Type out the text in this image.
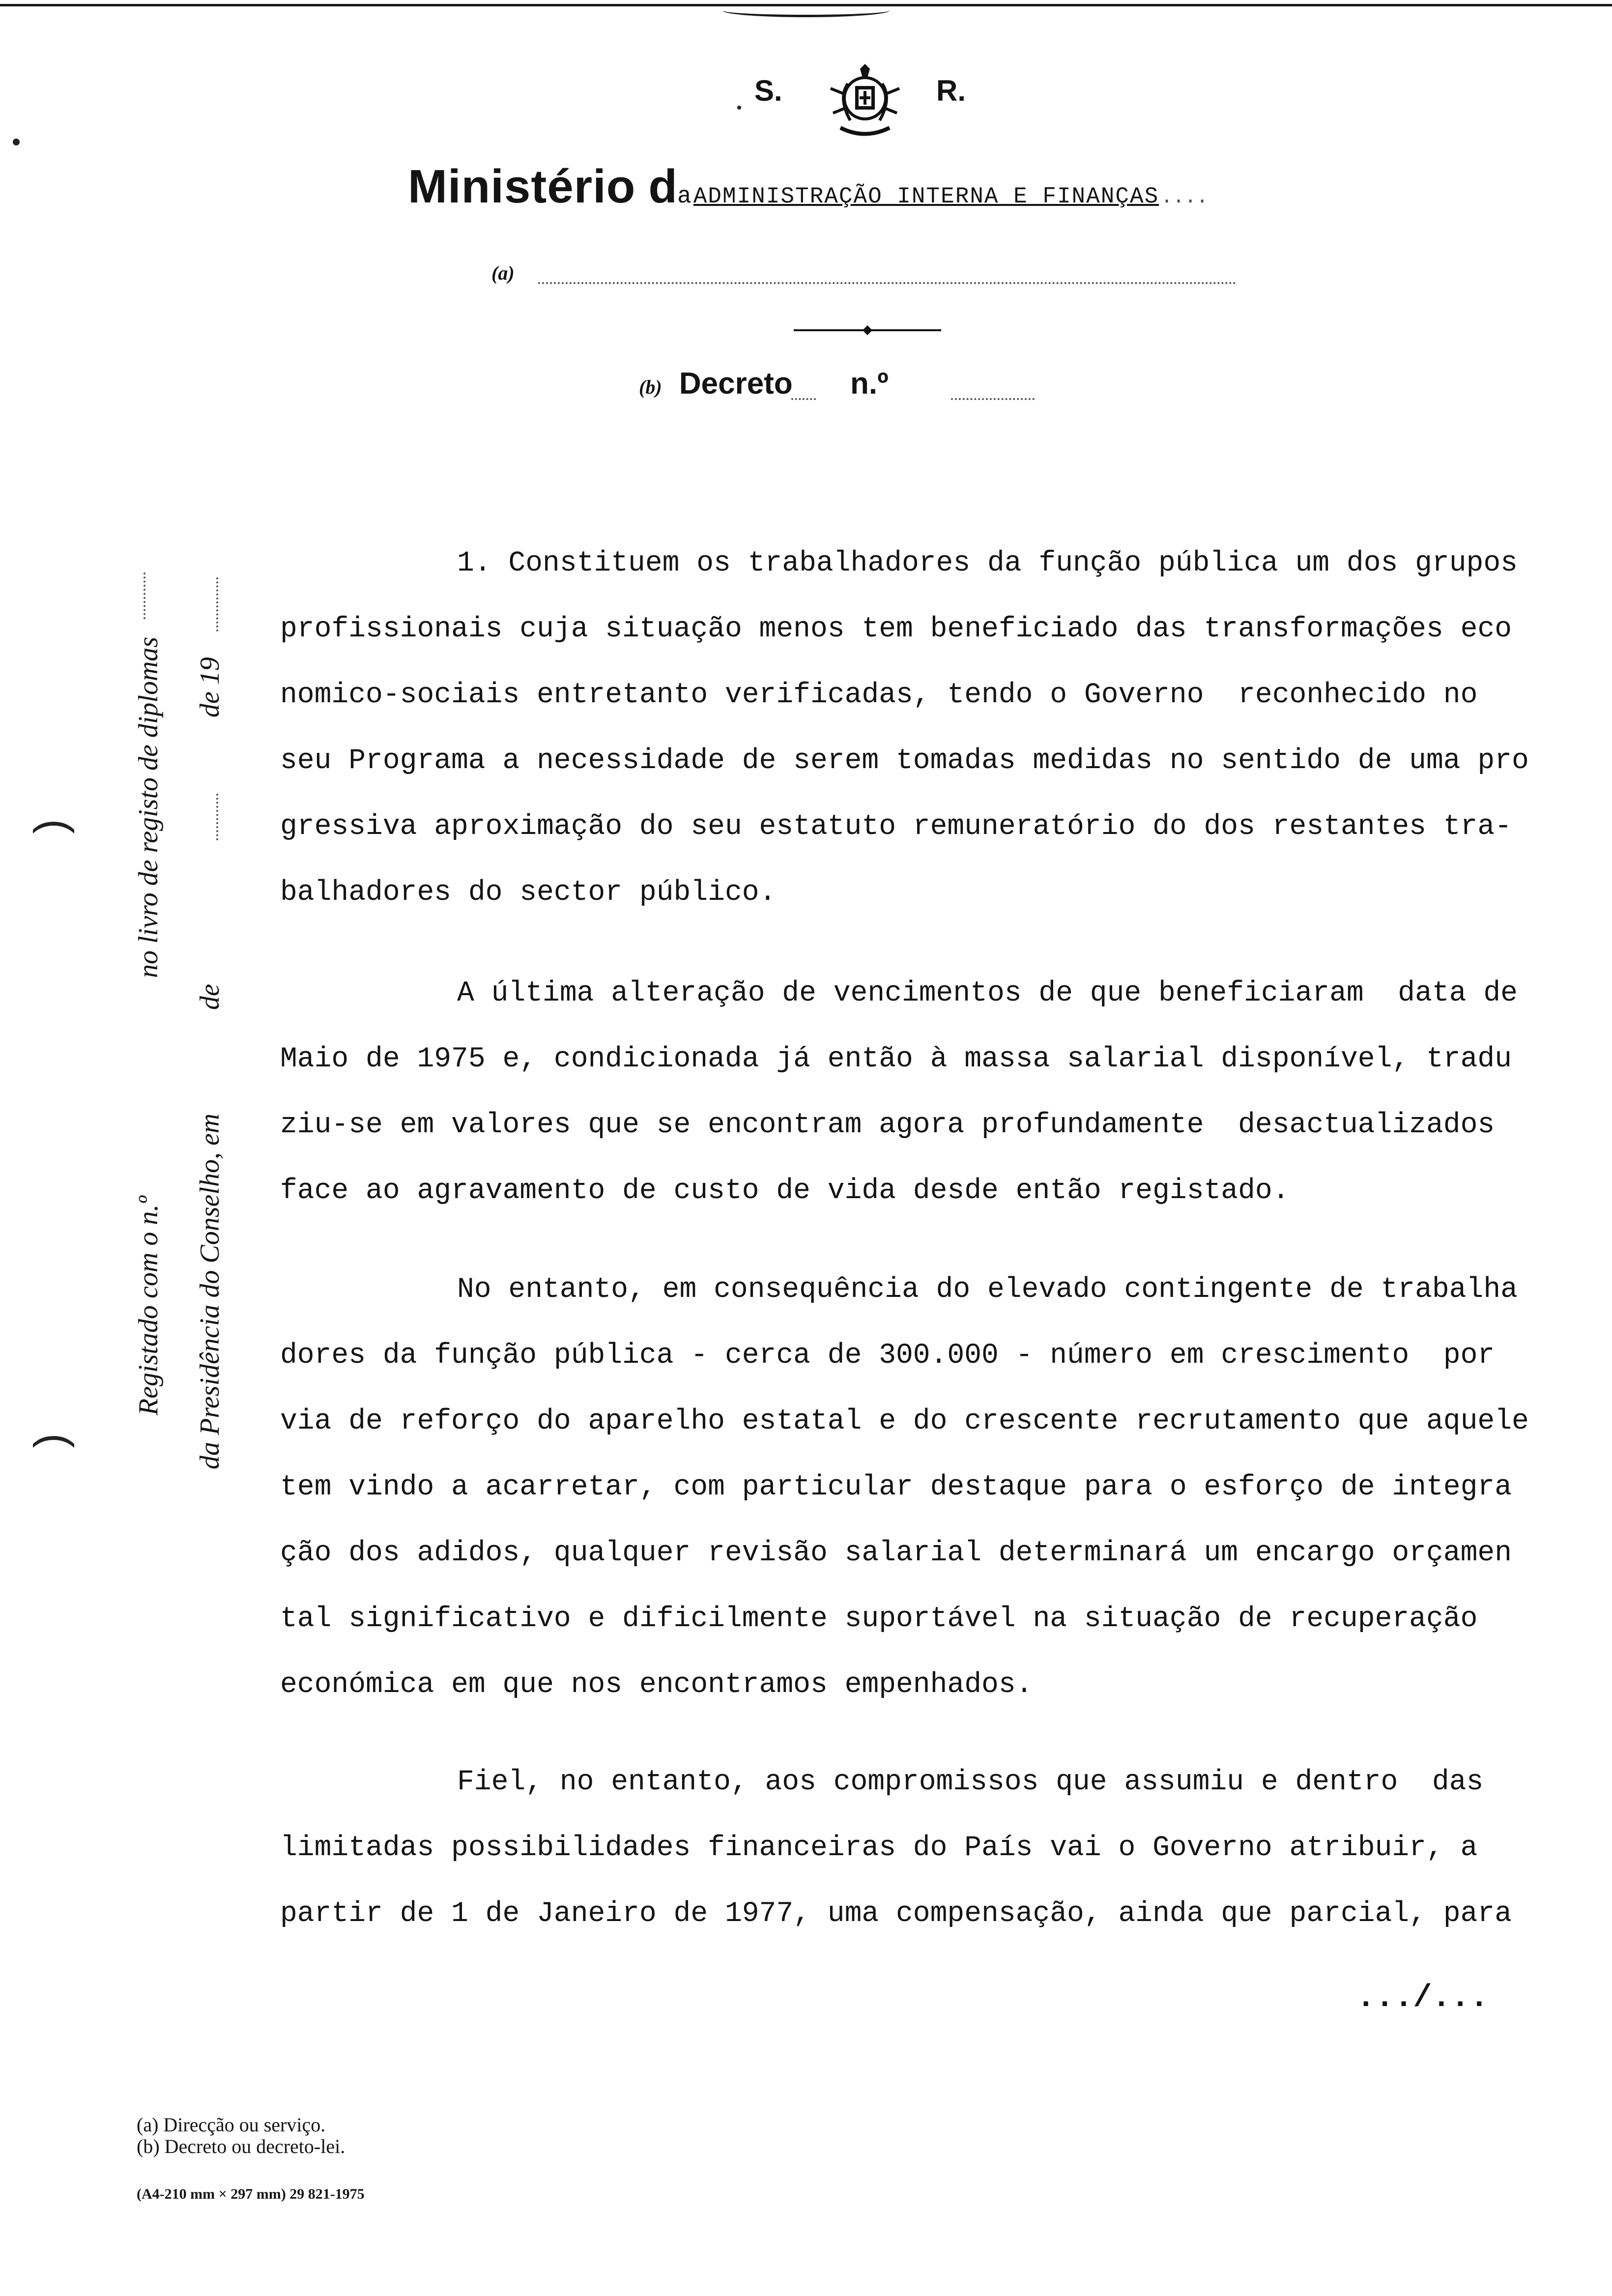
S.	R.
Ministério da ADMINISTRAÇÃO INTERNA E FINANÇAS ....
(a)
(b) Decreto n.º
Registado com o n.º
no livro de registo de diplomas
da Presidência do Conselho, em
de
de 19
(
(
1. Constituem os trabalhadores da função pública um dos grupos
profissionais cuja situação menos tem beneficiado das transformações eco
nomico-sociais entretanto verificadas, tendo o Governo  reconhecido no
seu Programa a necessidade de serem tomadas medidas no sentido de uma pro
gressiva aproximação do seu estatuto remuneratório do dos restantes tra-
balhadores do sector público.
A última alteração de vencimentos de que beneficiaram  data de
Maio de 1975 e, condicionada já então à massa salarial disponível, tradu
ziu-se em valores que se encontram agora profundamente  desactualizados
face ao agravamento de custo de vida desde então registado.
No entanto, em consequência do elevado contingente de trabalha
dores da função pública - cerca de 300.000 - número em crescimento  por
via de reforço do aparelho estatal e do crescente recrutamento que aquele
tem vindo a acarretar, com particular destaque para o esforço de integra
ção dos adidos, qualquer revisão salarial determinará um encargo orçamen
tal significativo e dificilmente suportável na situação de recuperação
económica em que nos encontramos empenhados.
Fiel, no entanto, aos compromissos que assumiu e dentro  das
limitadas possibilidades financeiras do País vai o Governo atribuir, a
partir de 1 de Janeiro de 1977, uma compensação, ainda que parcial, para
.../...
(a) Direcção ou serviço.
(b) Decreto ou decreto-lei.
(A4-210 mm × 297 mm) 29 821-1975
